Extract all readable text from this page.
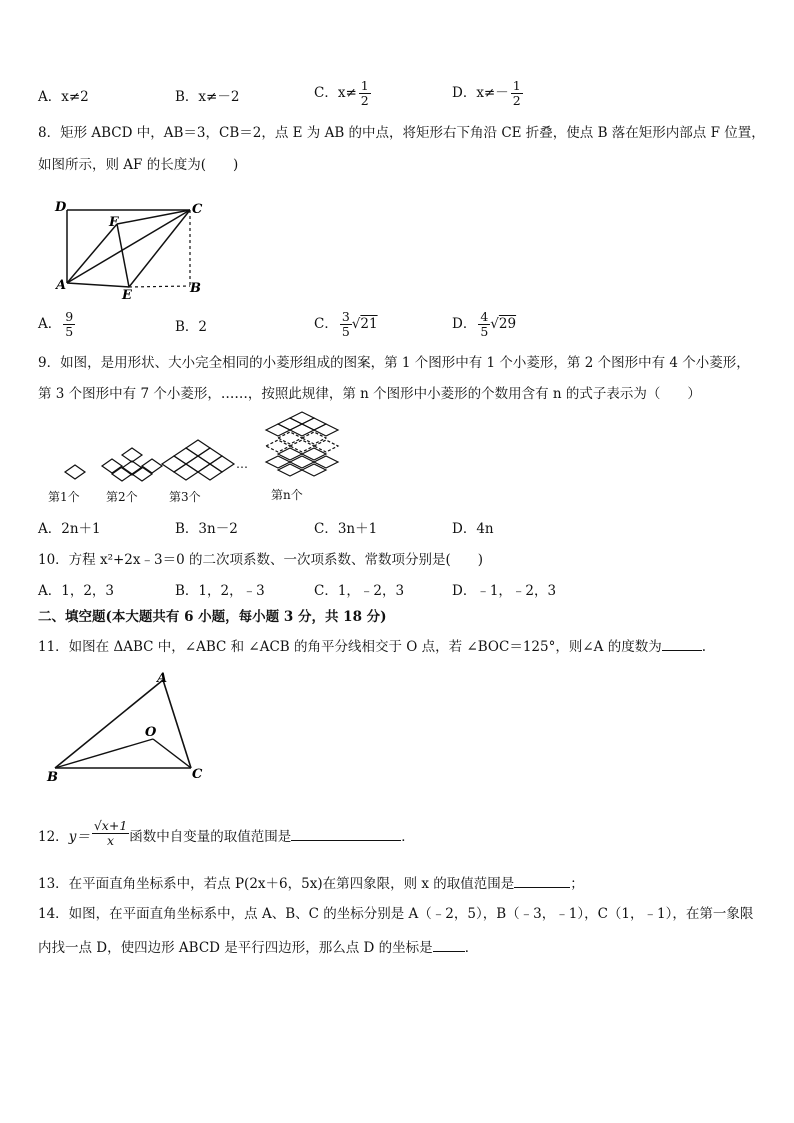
A．x≠2	B．x≠－2	C．$x\ne \frac{1}{2}$	D．$x\ne- \frac{1}{2}$
8．矩形 ABCD 中，AB＝3，CB＝2，点 E 为 AB 的中点，将矩形右下角沿 CE 折叠，使点 B 落在矩形内部点 F 位置，
如图所示，则 AF 的长度为(　　)
D	C
F
A
E	B
A． $\frac{9}{5}$	B．2	C． $\frac{3}{5} √21$	D． $\frac{4}{5} √29$
9．如图，是用形状、大小完全相同的小菱形组成的图案，第 1 个图形中有 1 个小菱形，第 2 个图形中有 4 个小菱形，
第 3 个图形中有 7 个小菱形，……，按照此规律，第 n 个图形中小菱形的个数用含有 n 的式子表示为（　　）
…
第1个 第2个	第3个	第n个
A．2n＋1	B．3n－2	C．3n＋1	D．4n
10．方程 x²+2x﹣3＝0 的二次项系数、一次项系数、常数项分别是(　　)
A．1，2，3	B．1，2，﹣3	C．1，﹣2，3	D．﹣1，﹣2，3
二、填空题(本大题共有 6 小题，每小题 3 分，共 18 分)
11．如图在 ΔABC 中，∠ABC 和 ∠ACB 的角平分线相交于 O 点，若 ∠BOC＝125°，则∠A 的度数为	.
A
O
B	C
12．$y= \frac{√x+1}{x}$ 函数中自变量的取值范围是	．
13．在平面直角坐标系中，若点 P(2x＋6，5x)在第四象限，则 x 的取值范围是	；
14．如图，在平面直角坐标系中，点 A、B、C 的坐标分别是 A（﹣2，5），B（﹣3，﹣1），C（1，﹣1），在第一象限
内找一点 D，使四边形 ABCD 是平行四边形，那么点 D 的坐标是 ．
